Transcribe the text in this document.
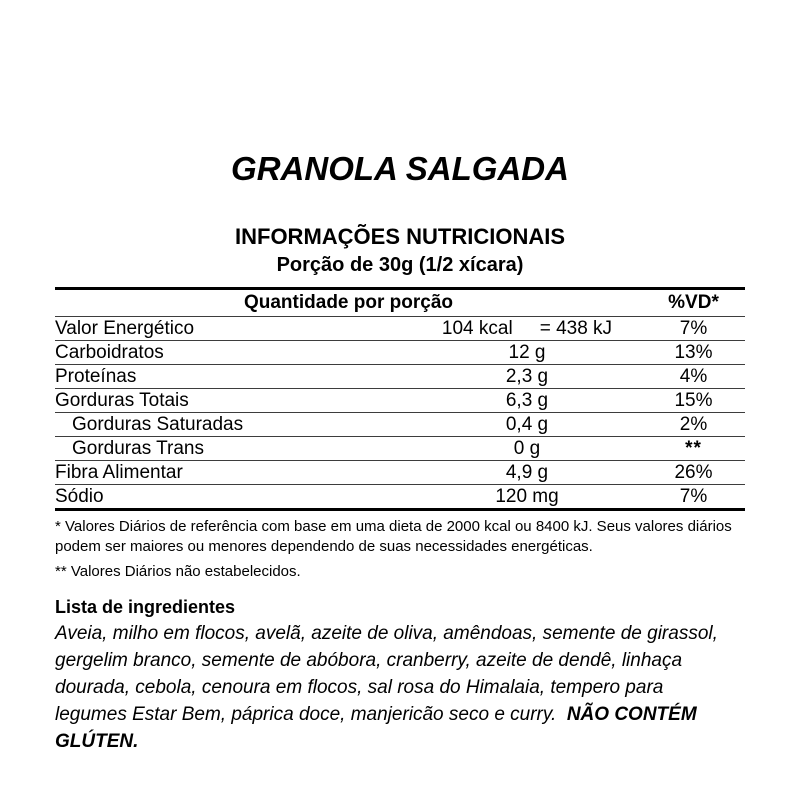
GRANOLA SALGADA
INFORMAÇÕES NUTRICIONAIS
Porção de 30g (1/2 xícara)
Quantidade por porção		%VD*
Valor Energético	104 kcal = 438 kJ	7%
Carboidratos	12 g	13%
Proteínas	2,3 g	4%
Gorduras Totais	6,3 g	15%
Gorduras Saturadas	0,4 g	2%
Gorduras Trans	0 g	**
Fibra Alimentar	4,9 g	26%
Sódio	120 mg	7%
* Valores Diários de referência com base em uma dieta de 2000 kcal ou 8400 kJ. Seus valores diários podem ser maiores ou menores dependendo de suas necessidades energéticas.
** Valores Diários não estabelecidos.
Lista de ingredientes
Aveia, milho em flocos, avelã, azeite de oliva, amêndoas, semente de girassol, gergelim branco, semente de abóbora, cranberry, azeite de dendê, linhaça dourada, cebola, cenoura em flocos, sal rosa do Himalaia, tempero para legumes Estar Bem, páprica doce, manjericão seco e curry. NÃO CONTÉM GLÚTEN.
